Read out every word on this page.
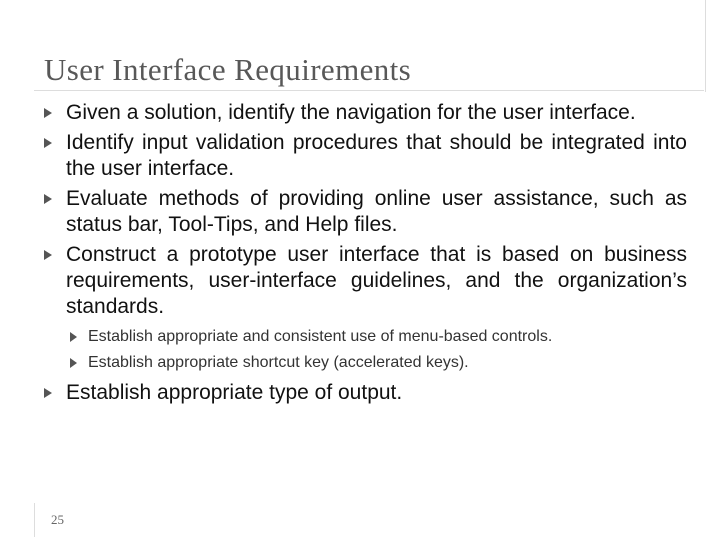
User Interface Requirements
Given a solution, identify the navigation for the user interface.
Identify input validation procedures that should be integrated into the user interface.
Evaluate methods of providing online user assistance, such as status bar, Tool-Tips, and Help files.
Construct a prototype user interface that is based on business requirements, user-interface guidelines, and the organization’s standards.
Establish appropriate and consistent use of menu-based controls.
Establish appropriate shortcut key (accelerated keys).
Establish appropriate type of output.
25
